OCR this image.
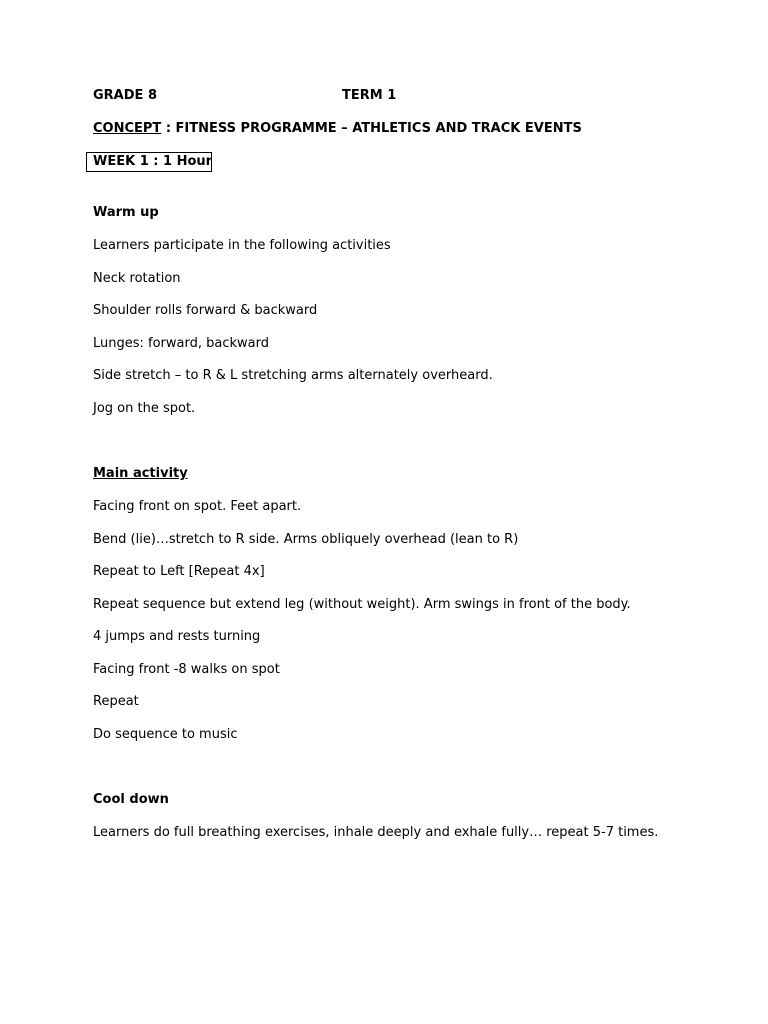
GRADE 8	TERM 1
CONCEPT : FITNESS PROGRAMME – ATHLETICS AND TRACK EVENTS
WEEK 1 : 1 Hour
Warm up
Learners participate in the following activities
Neck rotation
Shoulder rolls forward & backward
Lunges: forward, backward
Side stretch – to R & L stretching arms alternately overheard.
Jog on the spot.
Main activity
Facing front on spot. Feet apart.
Bend (lie)…stretch to R side. Arms obliquely overhead (lean to R)
Repeat to Left [Repeat 4x]
Repeat sequence but extend leg (without weight). Arm swings in front of the body.
4 jumps and rests turning
Facing front -8 walks on spot
Repeat
Do sequence to music
Cool down
Learners do full breathing exercises, inhale deeply and exhale fully… repeat 5-7 times.
